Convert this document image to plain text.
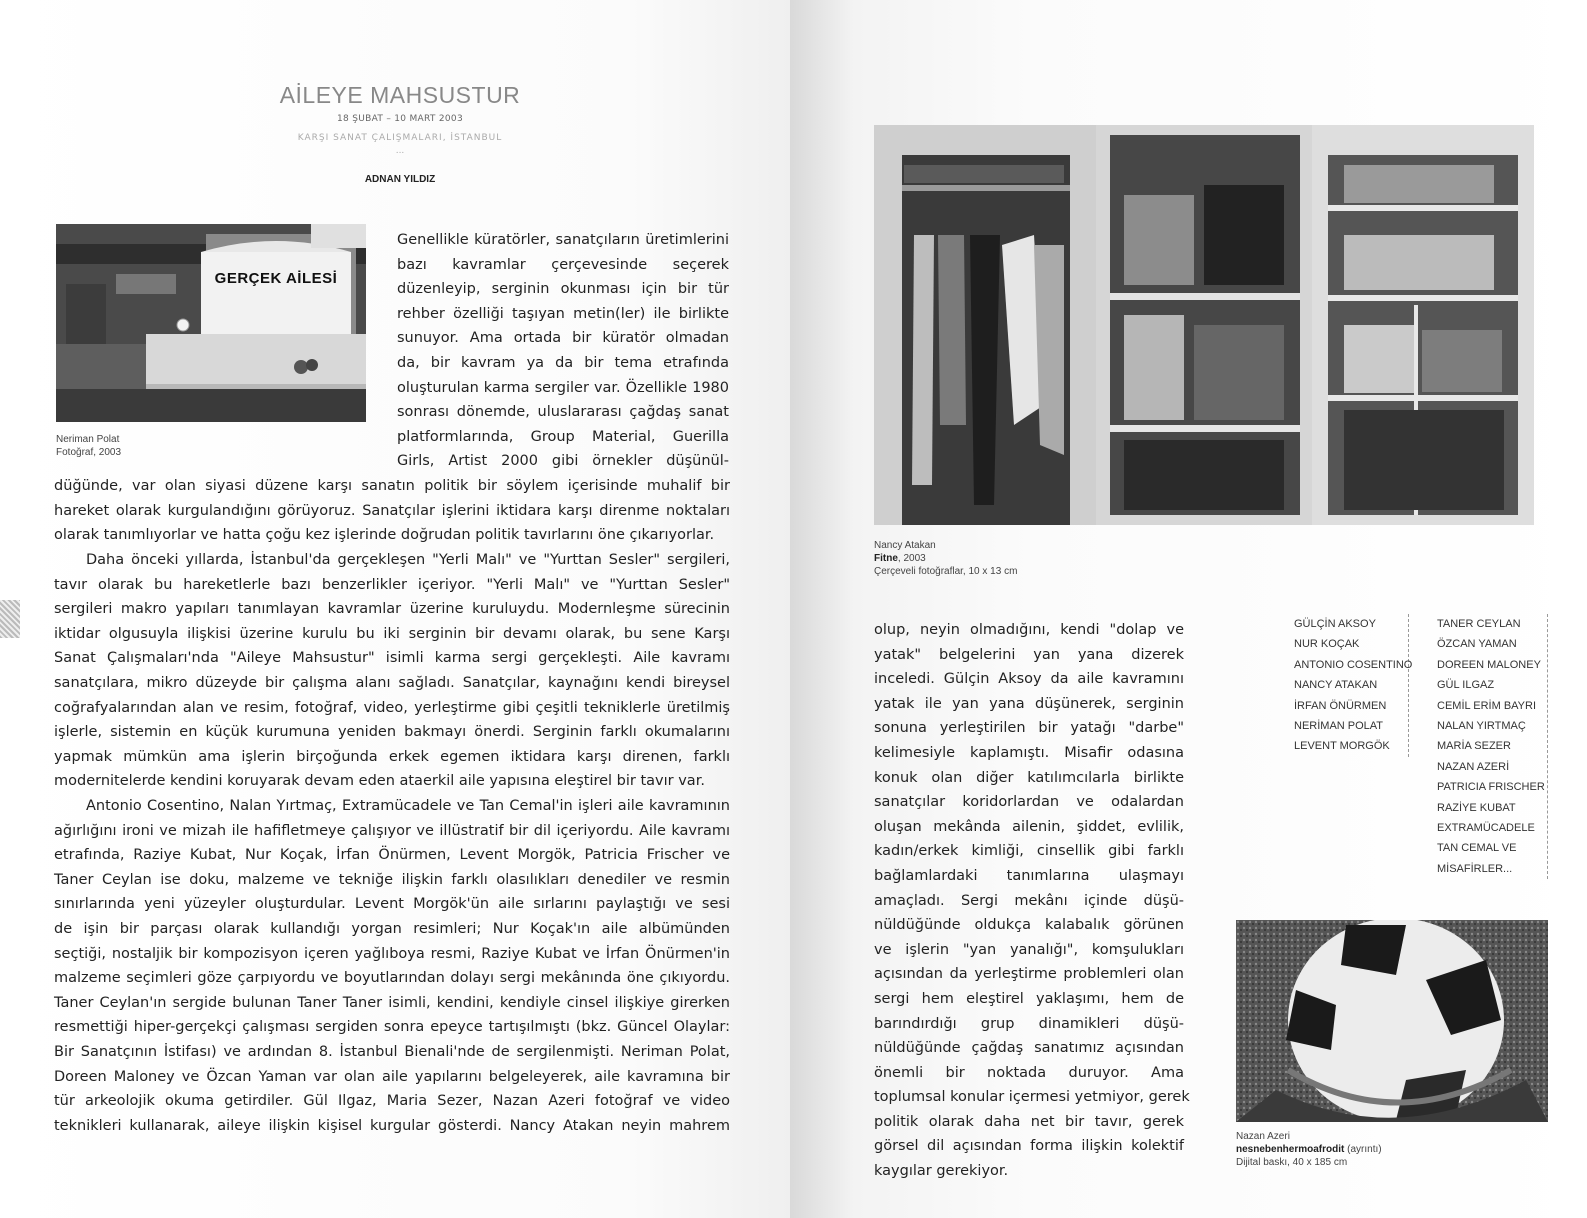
AİLEYE MAHSUSTUR
18 ŞUBAT – 10 MART 2003
KARŞI SANAT ÇALIŞMALARI, İSTANBUL
...
ADNAN YILDIZ
GERÇEK AİLESİ
Neriman Polat
Fotoğraf, 2003
Genellikle küratörler, sanatçıların üretimlerini
bazı kavramlar çerçevesinde seçerek
düzenleyip, serginin okunması için bir tür
rehber özelliği taşıyan metin(ler) ile birlikte
sunuyor. Ama ortada bir küratör olmadan
da, bir kavram ya da bir tema etrafında
oluşturulan karma sergiler var. Özellikle 1980
sonrası dönemde, uluslararası çağdaş sanat
platformlarında, Group Material, Guerilla
Girls, Artist 2000 gibi örnekler düşünül-
düğünde, var olan siyasi düzene karşı sanatın politik bir söylem içerisinde muhalif bir
hareket olarak kurgulandığını görüyoruz. Sanatçılar işlerini iktidara karşı direnme noktaları
olarak tanımlıyorlar ve hatta çoğu kez işlerinde doğrudan politik tavırlarını öne çıkarıyorlar.
Daha önceki yıllarda, İstanbul'da gerçekleşen "Yerli Malı" ve "Yurttan Sesler" sergileri,
tavır olarak bu hareketlerle bazı benzerlikler içeriyor. "Yerli Malı" ve "Yurttan Sesler"
sergileri makro yapıları tanımlayan kavramlar üzerine kuruluydu. Modernleşme sürecinin
iktidar olgusuyla ilişkisi üzerine kurulu bu iki serginin bir devamı olarak, bu sene Karşı
Sanat Çalışmaları'nda "Aileye Mahsustur" isimli karma sergi gerçekleşti. Aile kavramı
sanatçılara, mikro düzeyde bir çalışma alanı sağladı. Sanatçılar, kaynağını kendi bireysel
coğrafyalarından alan ve resim, fotoğraf, video, yerleştirme gibi çeşitli tekniklerle üretilmiş
işlerle, sistemin en küçük kurumuna yeniden bakmayı önerdi. Serginin farklı okumalarını
yapmak mümkün ama işlerin birçoğunda erkek egemen iktidara karşı direnen, farklı
modernitelerde kendini koruyarak devam eden ataerkil aile yapısına eleştirel bir tavır var.
Antonio Cosentino, Nalan Yırtmaç, Extramücadele ve Tan Cemal'in işleri aile kavramının
ağırlığını ironi ve mizah ile hafifletmeye çalışıyor ve illüstratif bir dil içeriyordu. Aile kavramı
etrafında, Raziye Kubat, Nur Koçak, İrfan Önürmen, Levent Morgök, Patricia Frischer ve
Taner Ceylan ise doku, malzeme ve tekniğe ilişkin farklı olasılıkları denediler ve resmin
sınırlarında yeni yüzeyler oluşturdular. Levent Morgök'ün aile sırlarını paylaştığı ve sesi
de işin bir parçası olarak kullandığı yorgan resimleri; Nur Koçak'ın aile albümünden
seçtiği, nostaljik bir kompozisyon içeren yağlıboya resmi, Raziye Kubat ve İrfan Önürmen'in
malzeme seçimleri göze çarpıyordu ve boyutlarından dolayı sergi mekânında öne çıkıyordu.
Taner Ceylan'ın sergide bulunan Taner Taner isimli, kendini, kendiyle cinsel ilişkiye girerken
resmettiği hiper-gerçekçi çalışması sergiden sonra epeyce tartışılmıştı (bkz. Güncel Olaylar:
Bir Sanatçının İstifası) ve ardından 8. İstanbul Bienali'nde de sergilenmişti. Neriman Polat,
Doreen Maloney ve Özcan Yaman var olan aile yapılarını belgeleyerek, aile kavramına bir
tür arkeolojik okuma getirdiler. Gül Ilgaz, Maria Sezer, Nazan Azeri fotoğraf ve video
teknikleri kullanarak, aileye ilişkin kişisel kurgular gösterdi. Nancy Atakan neyin mahrem
Nancy Atakan
Fitne, 2003
Çerçeveli fotoğraflar, 10 x 13 cm
olup, neyin olmadığını, kendi "dolap ve
yatak" belgelerini yan yana dizerek
inceledi. Gülçin Aksoy da aile kavramını
yatak ile yan yana düşünerek, serginin
sonuna yerleştirilen bir yatağı "darbe"
kelimesiyle kaplamıştı. Misafir odasına
konuk olan diğer katılımcılarla birlikte
sanatçılar koridorlardan ve odalardan
oluşan mekânda ailenin, şiddet, evlilik,
kadın/erkek kimliği, cinsellik gibi farklı
bağlamlardaki tanımlarına ulaşmayı
amaçladı. Sergi mekânı içinde düşü-
nüldüğünde oldukça kalabalık görünen
ve işlerin "yan yanalığı", komşulukları
açısından da yerleştirme problemleri olan
sergi hem eleştirel yaklaşımı, hem de
barındırdığı grup dinamikleri düşü-
nüldüğünde çağdaş sanatımız açısından
önemli bir noktada duruyor. Ama
toplumsal konular içermesi yetmiyor, gerek
politik olarak daha net bir tavır, gerek
görsel dil açısından forma ilişkin kolektif
kaygılar gerekiyor.
GÜLÇİN AKSOY
NUR KOÇAK
ANTONIO COSENTINO
NANCY ATAKAN
İRFAN ÖNÜRMEN
NERİMAN POLAT
LEVENT MORGÖK
TANER CEYLAN
ÖZCAN YAMAN
DOREEN MALONEY
GÜL ILGAZ
CEMİL ERİM BAYRI
NALAN YIRTMAÇ
MARİA SEZER
NAZAN AZERİ
PATRICIA FRISCHER
RAZİYE KUBAT
EXTRAMÜCADELE
TAN CEMAL VE
MİSAFİRLER...
Nazan Azeri
nesnebenhermoafrodit (ayrıntı)
Dijital baskı, 40 x 185 cm
